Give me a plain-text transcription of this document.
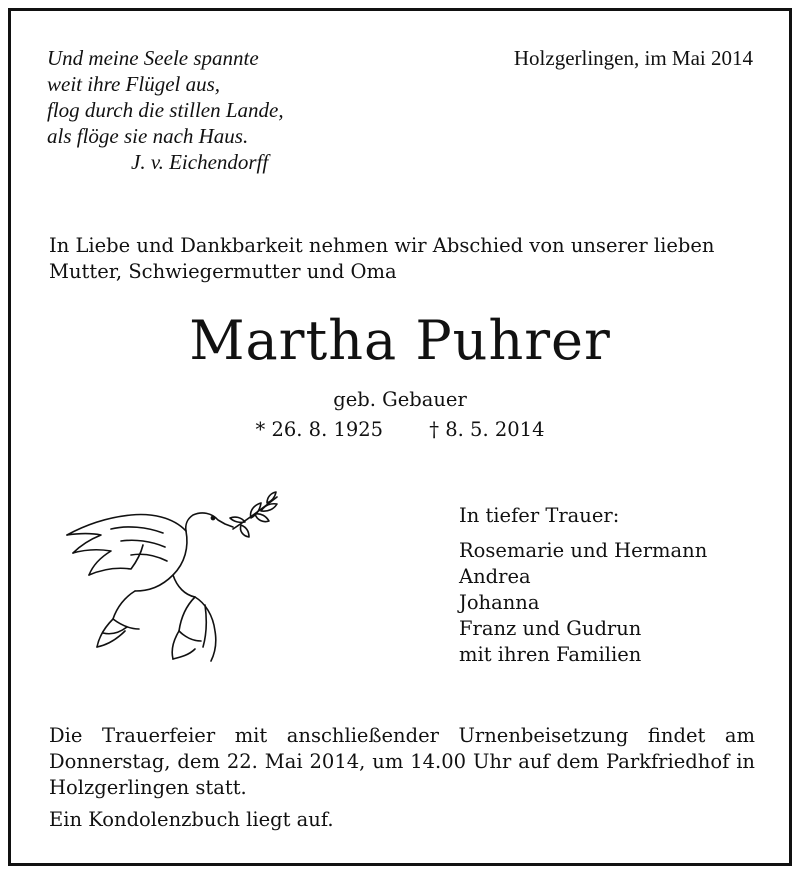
Und meine Seele spannte
weit ihre Flügel aus,
flog durch die stillen Lande,
als flöge sie nach Haus.
J. v. Eichendorff
Holzgerlingen, im Mai 2014
In Liebe und Dankbarkeit nehmen wir Abschied von unserer lieben Mutter, Schwiegermutter und Oma
Martha Puhrer
geb. Gebauer
* 26. 8. 1925 † 8. 5. 2014
In tiefer Trauer:
Rosemarie und Hermann
Andrea
Johanna
Franz und Gudrun
mit ihren Familien
Die Trauerfeier mit anschließender Urnenbeisetzung findet am Donnerstag, dem 22. Mai 2014, um 14.00 Uhr auf dem Parkfriedhof in Holzgerlingen statt.
Ein Kondolenzbuch liegt auf.
